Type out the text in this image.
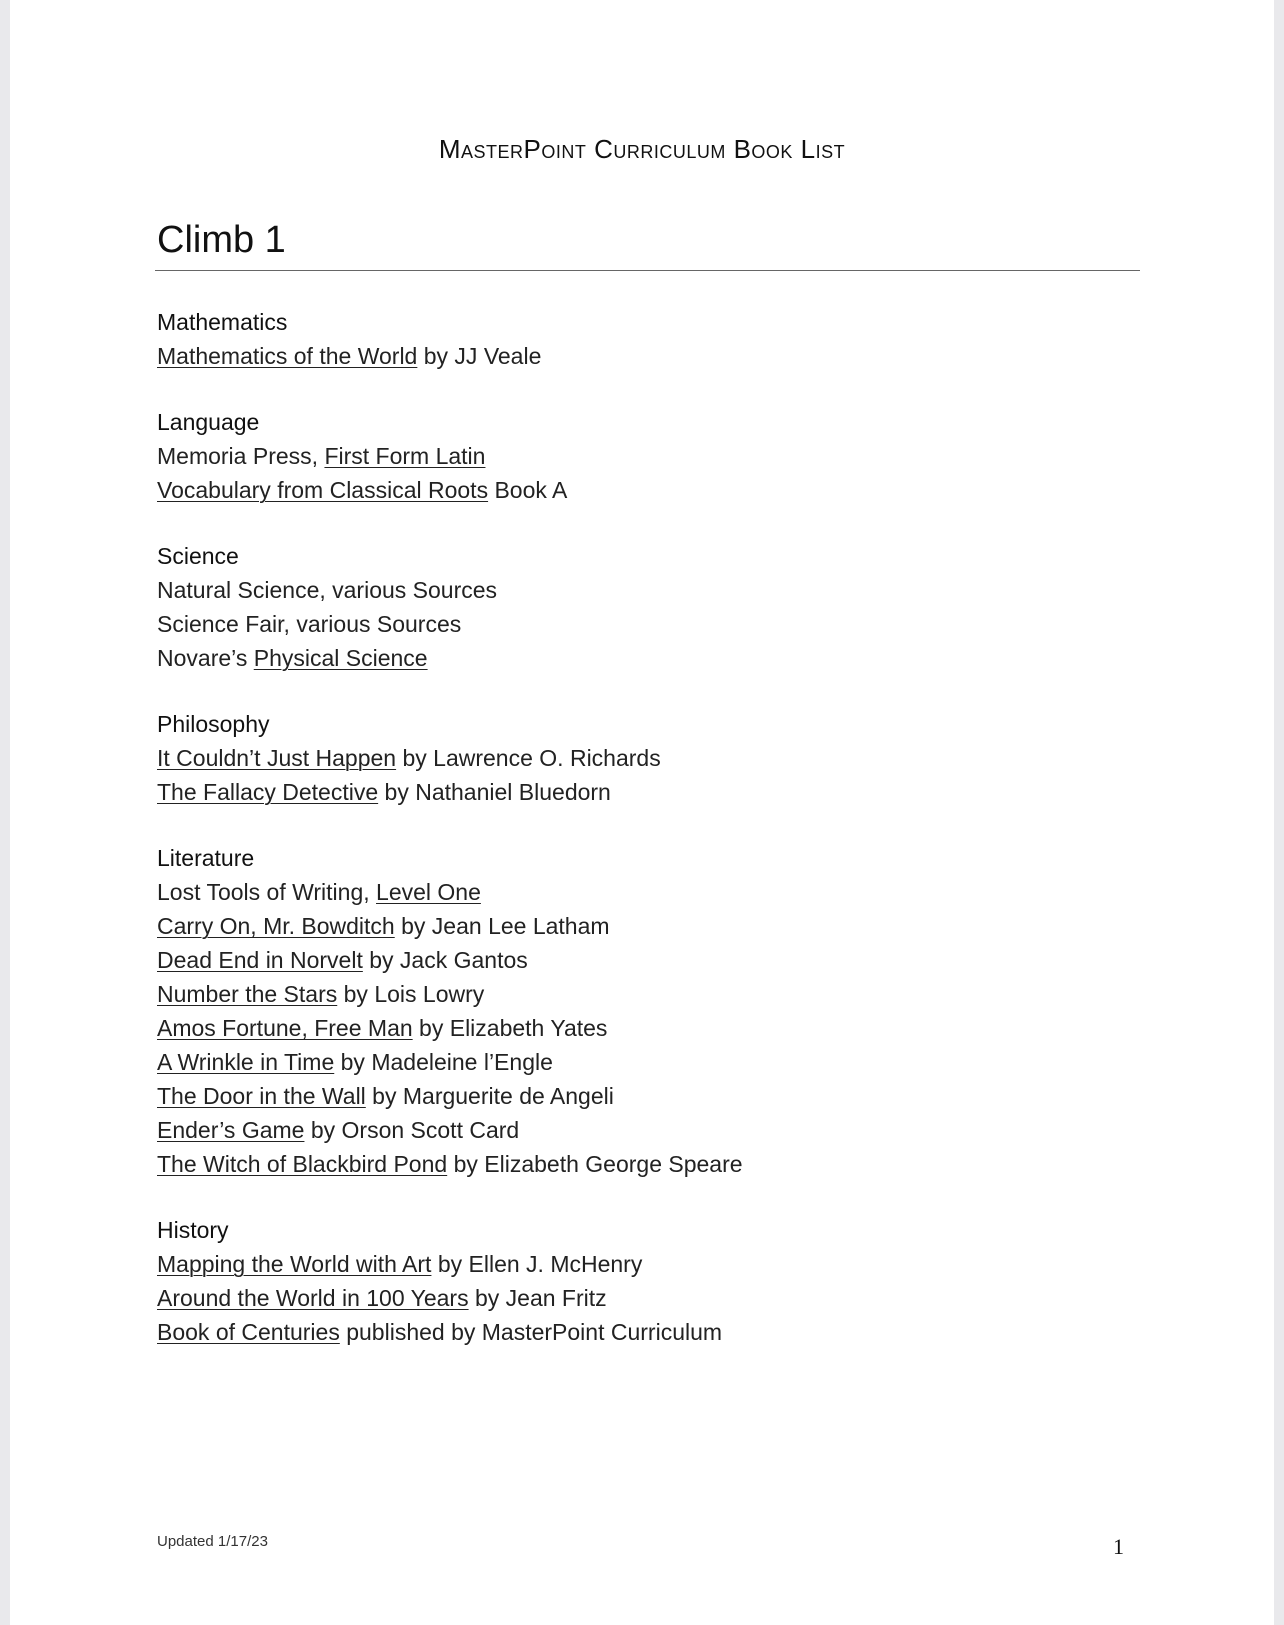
MasterPoint Curriculum Book List
Climb 1
Mathematics
Mathematics of the World by JJ Veale
Language
Memoria Press, First Form Latin
Vocabulary from Classical Roots Book A
Science
Natural Science, various Sources
Science Fair, various Sources
Novare’s Physical Science
Philosophy
It Couldn’t Just Happen by Lawrence O. Richards
The Fallacy Detective by Nathaniel Bluedorn
Literature
Lost Tools of Writing, Level One
Carry On, Mr. Bowditch by Jean Lee Latham
Dead End in Norvelt by Jack Gantos
Number the Stars by Lois Lowry
Amos Fortune, Free Man by Elizabeth Yates
A Wrinkle in Time by Madeleine l’Engle
The Door in the Wall by Marguerite de Angeli
Ender’s Game by Orson Scott Card
The Witch of Blackbird Pond by Elizabeth George Speare
History
Mapping the World with Art by Ellen J. McHenry
Around the World in 100 Years by Jean Fritz
Book of Centuries published by MasterPoint Curriculum
Updated 1/17/23	1
